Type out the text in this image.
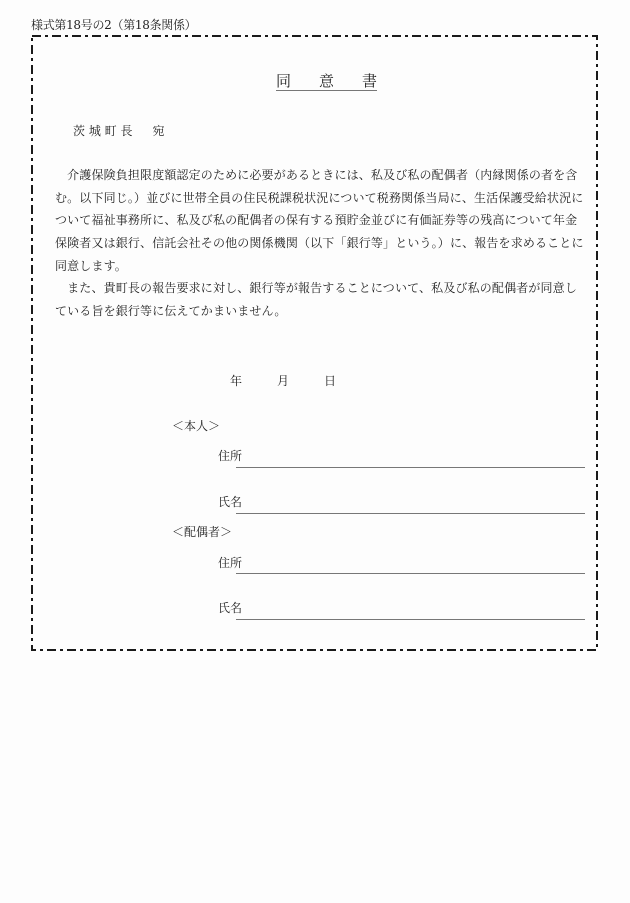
様式第18号の2（第18条関係）
同 意 書
茨 城 町 長 宛
　介護保険負担限度額認定のために必要があるときには、私及び私の配偶者（内縁関係の者を含
む。以下同じ。）並びに世帯全員の住民税課税状況について税務関係当局に、生活保護受給状況に
ついて福祉事務所に、私及び私の配偶者の保有する預貯金並びに有価証券等の残高について年金
保険者又は銀行、信託会社その他の関係機関（以下「銀行等」という。）に、報告を求めることに
同意します。
　また、貴町長の報告要求に対し、銀行等が報告することについて、私及び私の配偶者が同意し
ている旨を銀行等に伝えてかまいません。
年	月	日
＜本人＞
住所
氏名
＜配偶者＞
住所
氏名
